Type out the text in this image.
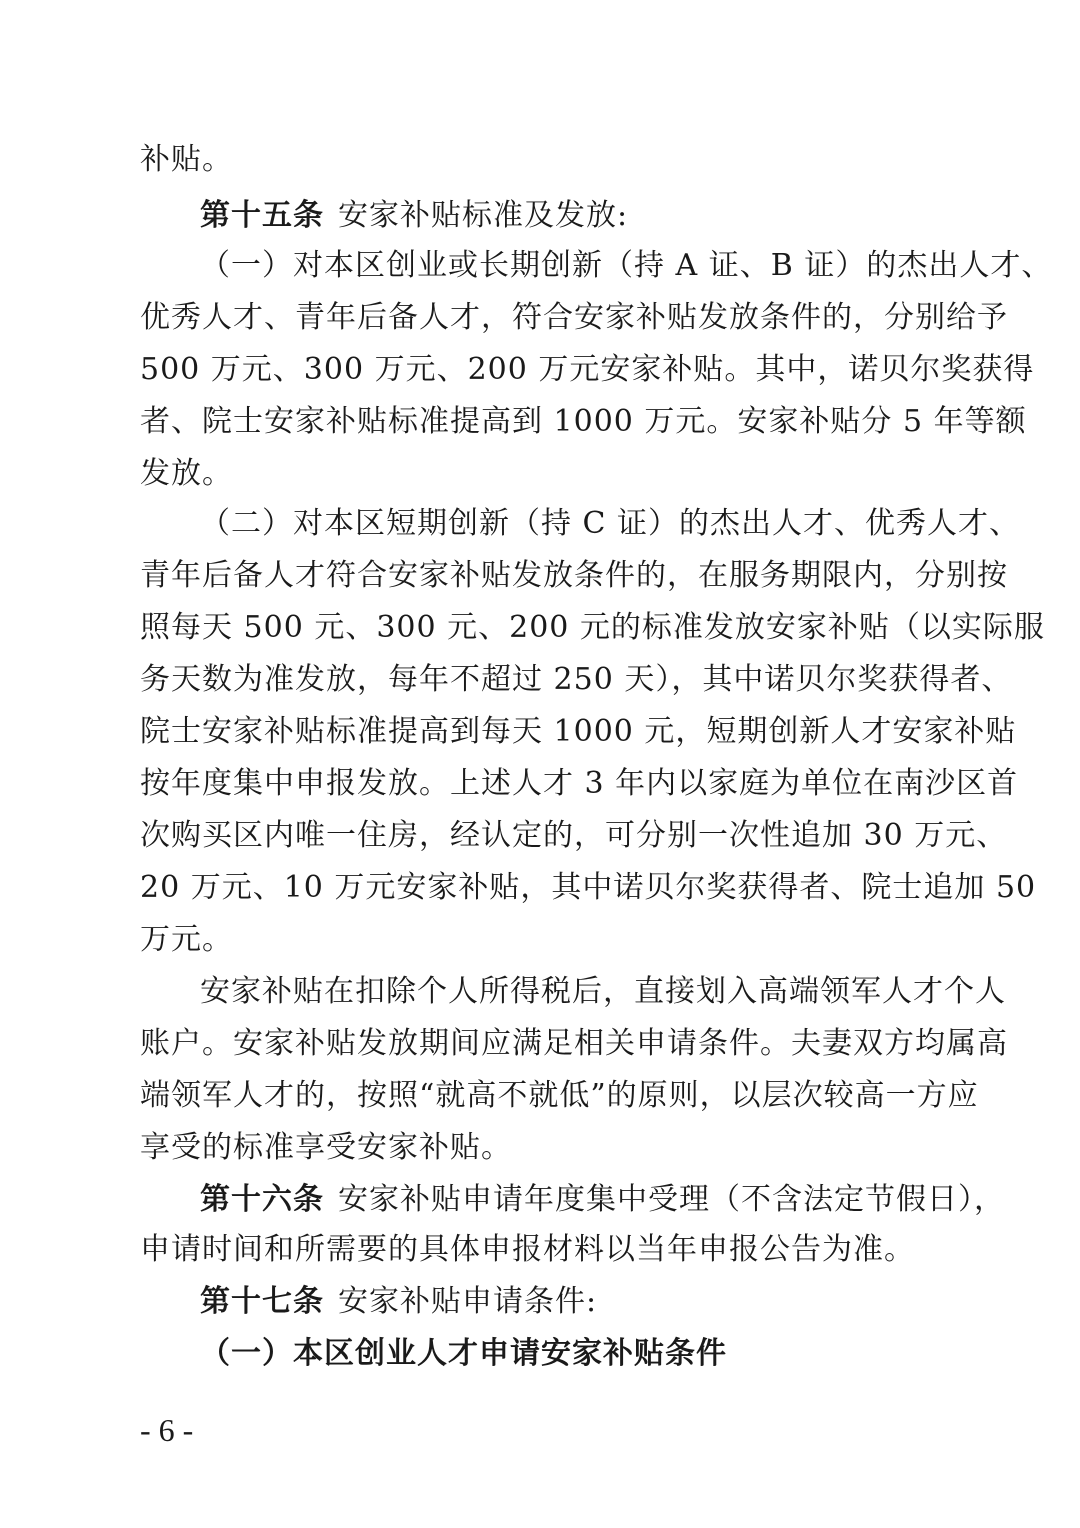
补贴。
第十五条 安家补贴标准及发放:
（一）对本区创业或长期创新（持 A 证、B 证）的杰出人才、
优秀人才、青年后备人才，符合安家补贴发放条件的，分别给予
500 万元、300 万元、200 万元安家补贴。其中，诺贝尔奖获得
者、院士安家补贴标准提高到 1000 万元。安家补贴分 5 年等额
发放。
（二）对本区短期创新（持 C 证）的杰出人才、优秀人才、
青年后备人才符合安家补贴发放条件的，在服务期限内，分别按
照每天 500 元、300 元、200 元的标准发放安家补贴（以实际服
务天数为准发放，每年不超过 250 天），其中诺贝尔奖获得者、
院士安家补贴标准提高到每天 1000 元，短期创新人才安家补贴
按年度集中申报发放。上述人才 3 年内以家庭为单位在南沙区首
次购买区内唯一住房，经认定的，可分别一次性追加 30 万元、
20 万元、10 万元安家补贴，其中诺贝尔奖获得者、院士追加 50
万元。
安家补贴在扣除个人所得税后，直接划入高端领军人才个人
账户。安家补贴发放期间应满足相关申请条件。夫妻双方均属高
端领军人才的，按照“就高不就低”的原则，以层次较高一方应
享受的标准享受安家补贴。
第十六条 安家补贴申请年度集中受理（不含法定节假日），
申请时间和所需要的具体申报材料以当年申报公告为准。
第十七条 安家补贴申请条件:
（一）本区创业人才申请安家补贴条件
- 6 -
